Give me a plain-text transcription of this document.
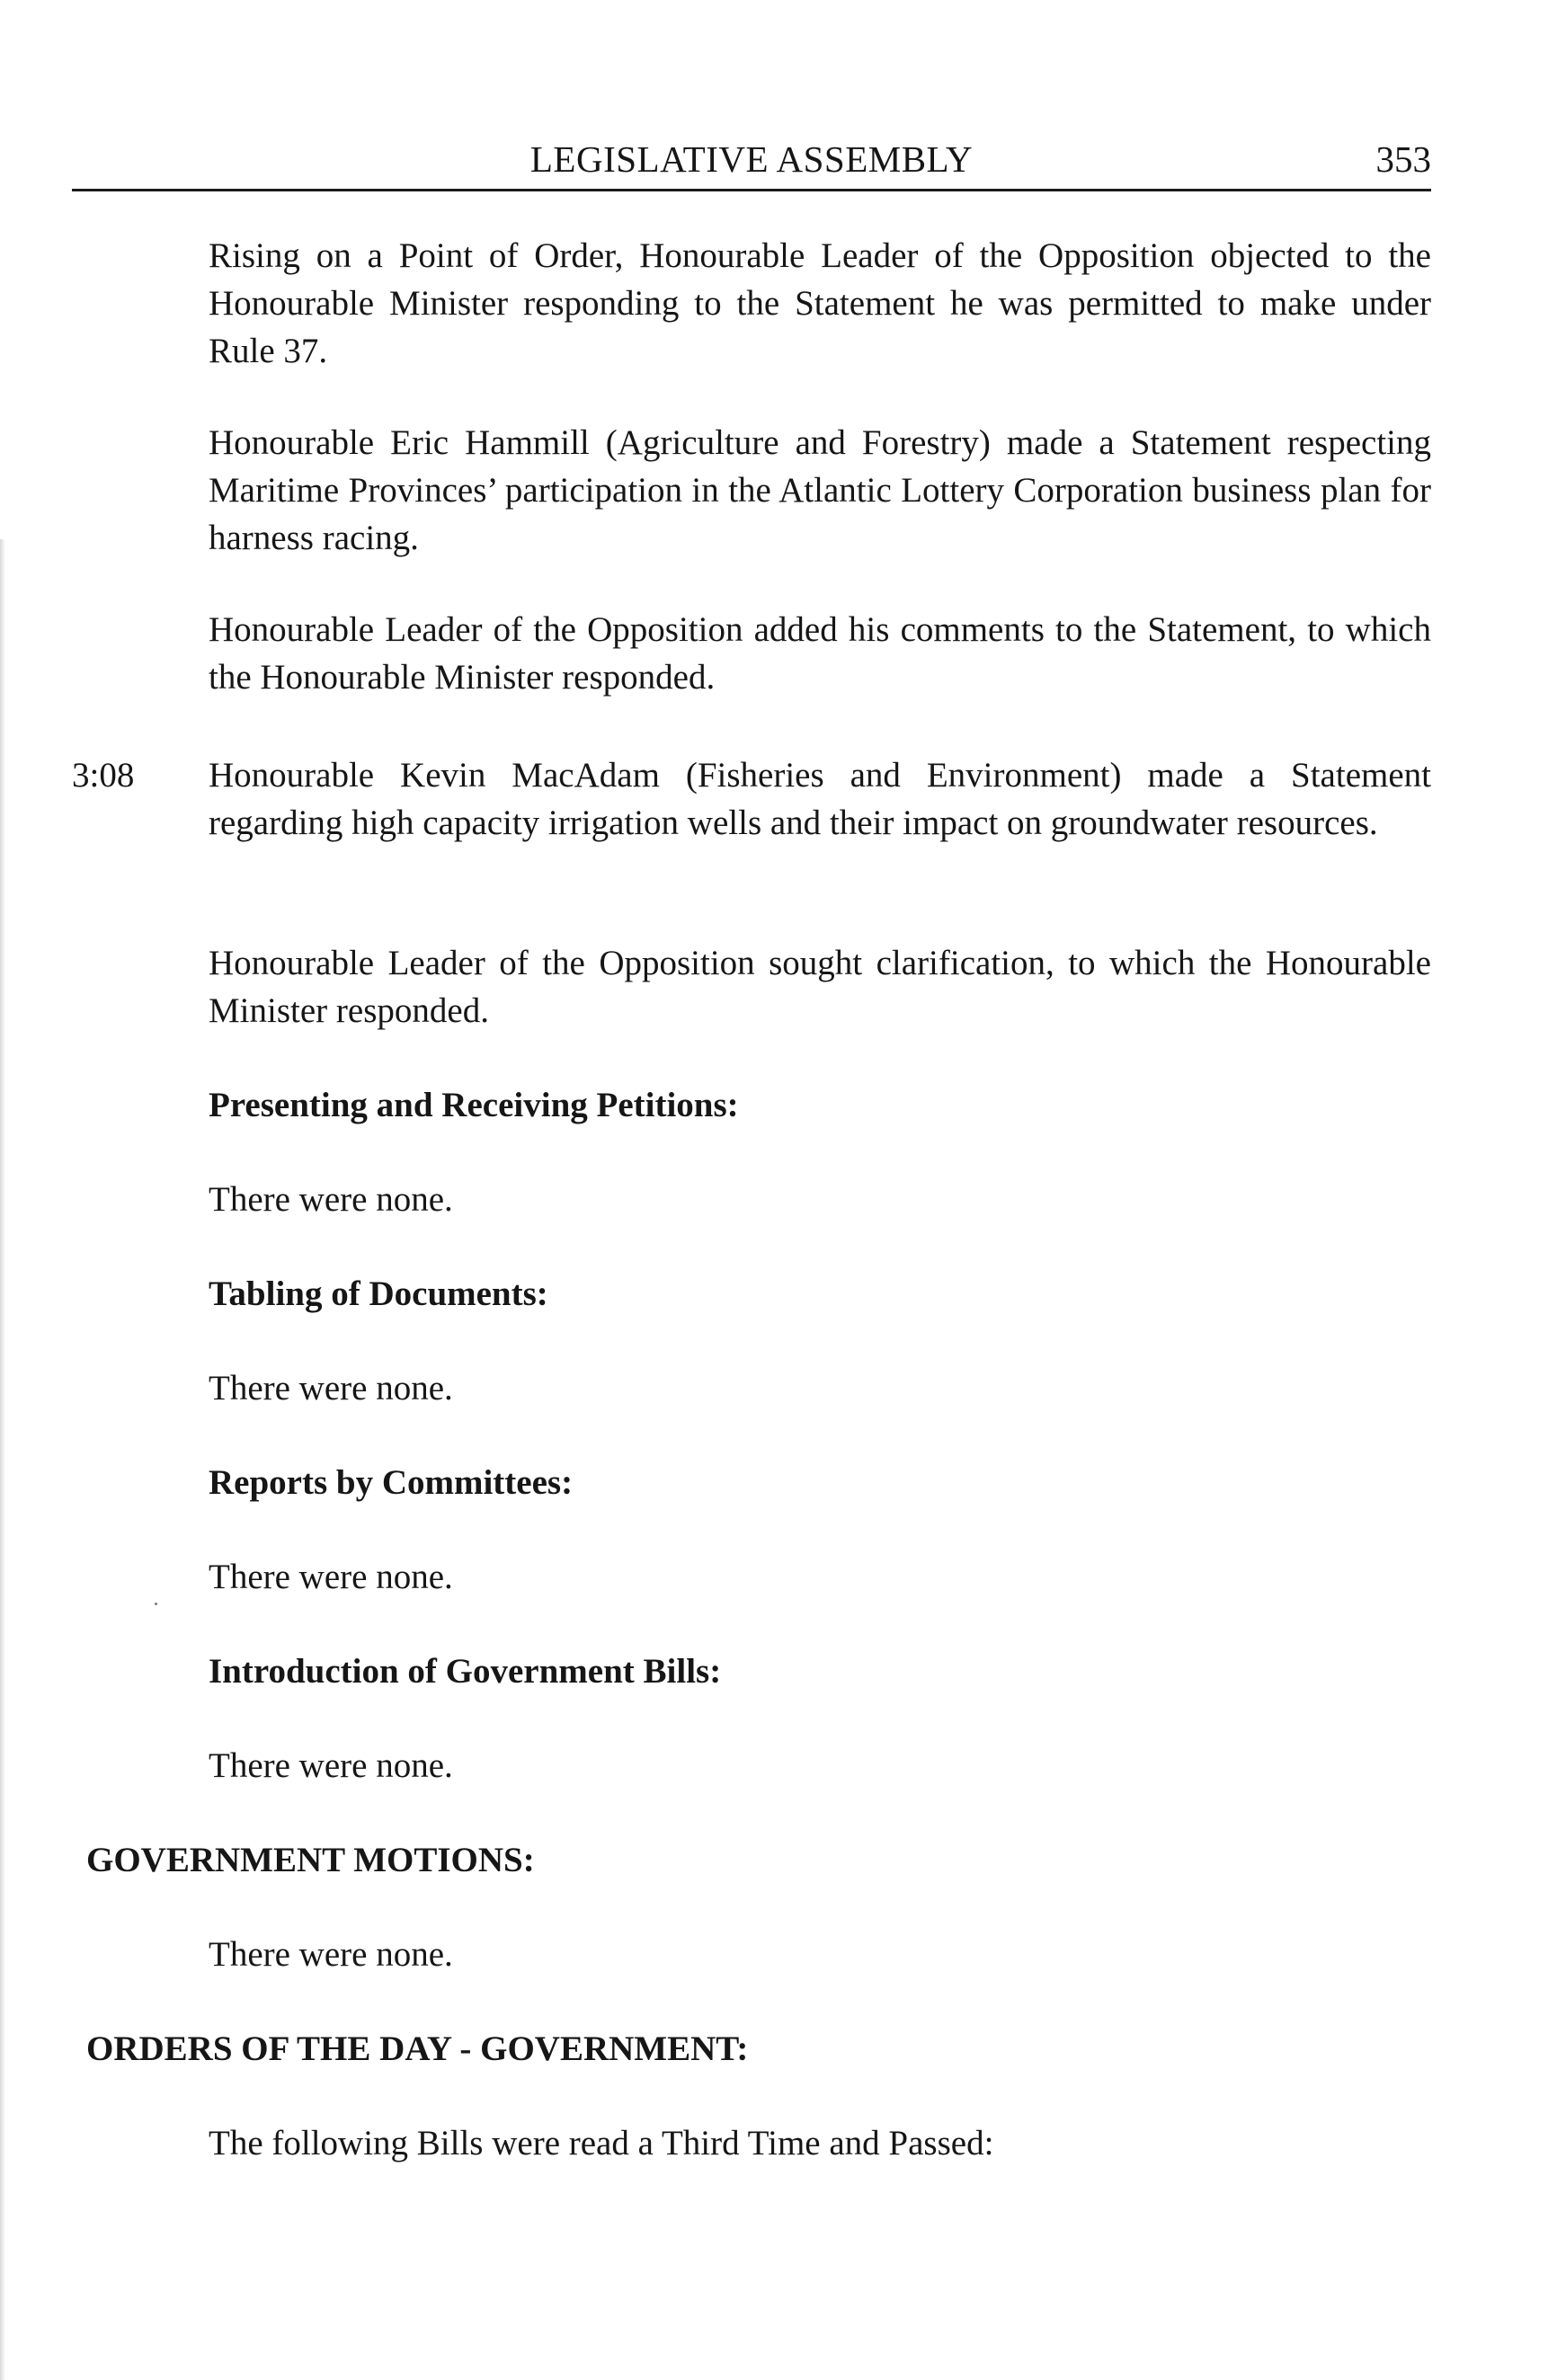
LEGISLATIVE ASSEMBLY	353

Rising on a Point of Order, Honourable Leader of the Opposition objected to the Honourable Minister responding to the Statement he was permitted to make under Rule 37.

Honourable Eric Hammill (Agriculture and Forestry) made a Statement respecting Maritime Provinces’ participation in the Atlantic Lottery Corporation business plan for harness racing.

Honourable Leader of the Opposition added his comments to the Statement, to which the Honourable Minister responded.

3:08 Honourable Kevin MacAdam (Fisheries and Environment) made a Statement regarding high capacity irrigation wells and their impact on groundwater resources.

Honourable Leader of the Opposition sought clarification, to which the Honourable Minister responded.

Presenting and Receiving Petitions:

There were none.

Tabling of Documents:

There were none.

Reports by Committees:

There were none.

Introduction of Government Bills:

There were none.

GOVERNMENT MOTIONS:

There were none.

ORDERS OF THE DAY - GOVERNMENT:

The following Bills were read a Third Time and Passed:
